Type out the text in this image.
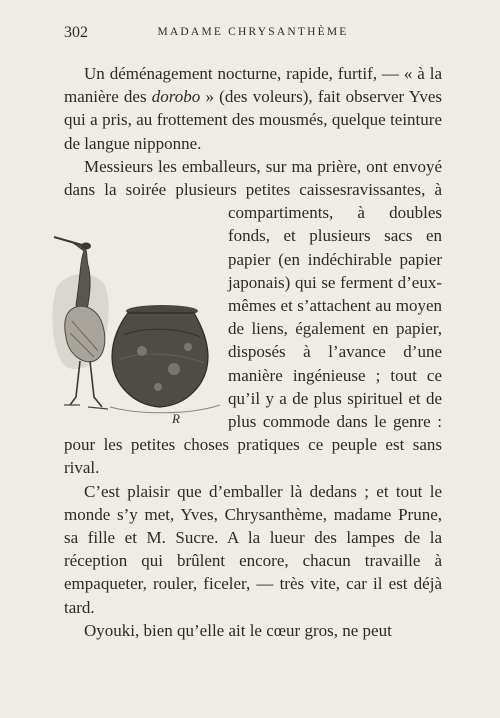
302	MADAME CHRYSANTHÈME

Un déménagement nocturne, rapide, furtif, — « à la manière des dorobo » (des voleurs), fait observer Yves qui a pris, au frottement des mousmés, quelque teinture de langue nipponne.

Messieurs les emballeurs, sur ma prière, ont envoyé dans la soirée plusieurs petites caisses
R
ravissantes, à compartiments, à doubles fonds, et plusieurs sacs en papier (en indéchirable papier japonais) qui se ferment d’eux-mêmes et s’attachent au moyen de liens, également en papier, disposés à l’avance d’une manière ingénieuse ; tout ce qu’il y a de plus spirituel et de plus commode dans le genre : pour les petites choses pratiques ce peuple est sans rival.

C’est plaisir que d’emballer là dedans ; et tout le monde s’y met, Yves, Chrysanthème, madame Prune, sa fille et M. Sucre. A la lueur des lampes de la réception qui brûlent encore, chacun travaille à empaqueter, rouler, ficeler, — très vite, car il est déjà tard.

Oyouki, bien qu’elle ait le cœur gros, ne peut
